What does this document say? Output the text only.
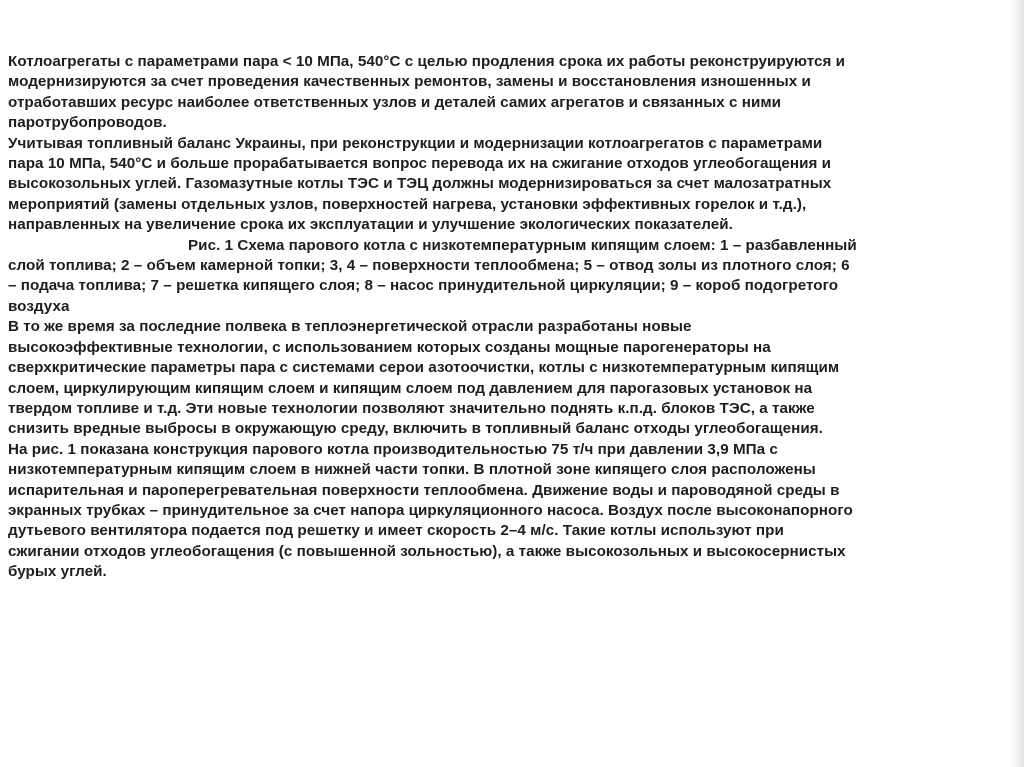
Котлоагрегаты с параметрами пара < 10 МПа, 540°С с целью продления срока их работы реконструируются и
модернизируются за счет проведения качественных ремонтов, замены и восстановления изношенных и
отработавших ресурс наиболее ответственных узлов и деталей самих агрегатов и связанных с ними
паротрубопроводов.
Учитывая топливный баланс Украины, при реконструкции и модернизации котлоагрегатов с параметрами
пара 10 МПа, 540°С и больше прорабатывается вопрос перевода их на сжигание отходов углеобогащения и
высокозольных углей. Газомазутные котлы ТЭС и ТЭЦ должны модернизироваться за счет малозатратных
мероприятий (замены отдельных узлов, поверхностей нагрева, установки эффективных горелок и т.д.),
направленных на увеличение срока их эксплуатации и улучшение экологических показателей.
Рис. 1 Схема парового котла с низкотемпературным кипящим слоем: 1 – разбавленный
слой топлива; 2 – объем камерной топки; 3, 4 – поверхности теплообмена; 5 – отвод золы из плотного слоя; 6
– подача топлива; 7 – решетка кипящего слоя; 8 – насос принудительной циркуляции; 9 – короб подогретого
воздуха
В то же время за последние полвека в теплоэнергетической отрасли разработаны новые
высокоэффективные технологии, с использованием которых созданы мощные парогенераторы на
сверхкритические параметры пара с системами серои азотоочистки, котлы с низкотемпературным кипящим
слоем, циркулирующим кипящим слоем и кипящим слоем под давлением для парогазовых установок на
твердом топливе и т.д. Эти новые технологии позволяют значительно поднять к.п.д. блоков ТЭС, а также
снизить вредные выбросы в окружающую среду, включить в топливный баланс отходы углеобогащения.
На рис. 1 показана конструкция парового котла производительностью 75 т/ч при давлении 3,9 МПа с
низкотемпературным кипящим слоем в нижней части топки. В плотной зоне кипящего слоя расположены
испарительная и пароперегревательная поверхности теплообмена. Движение воды и пароводяной среды в
экранных трубках – принудительное за счет напора циркуляционного насоса. Воздух после высоконапорного
дутьевого вентилятора подается под решетку и имеет скорость 2–4 м/с. Такие котлы используют при
сжигании отходов углеобогащения (с повышенной зольностью), а также высокозольных и высокосернистых
бурых углей.
